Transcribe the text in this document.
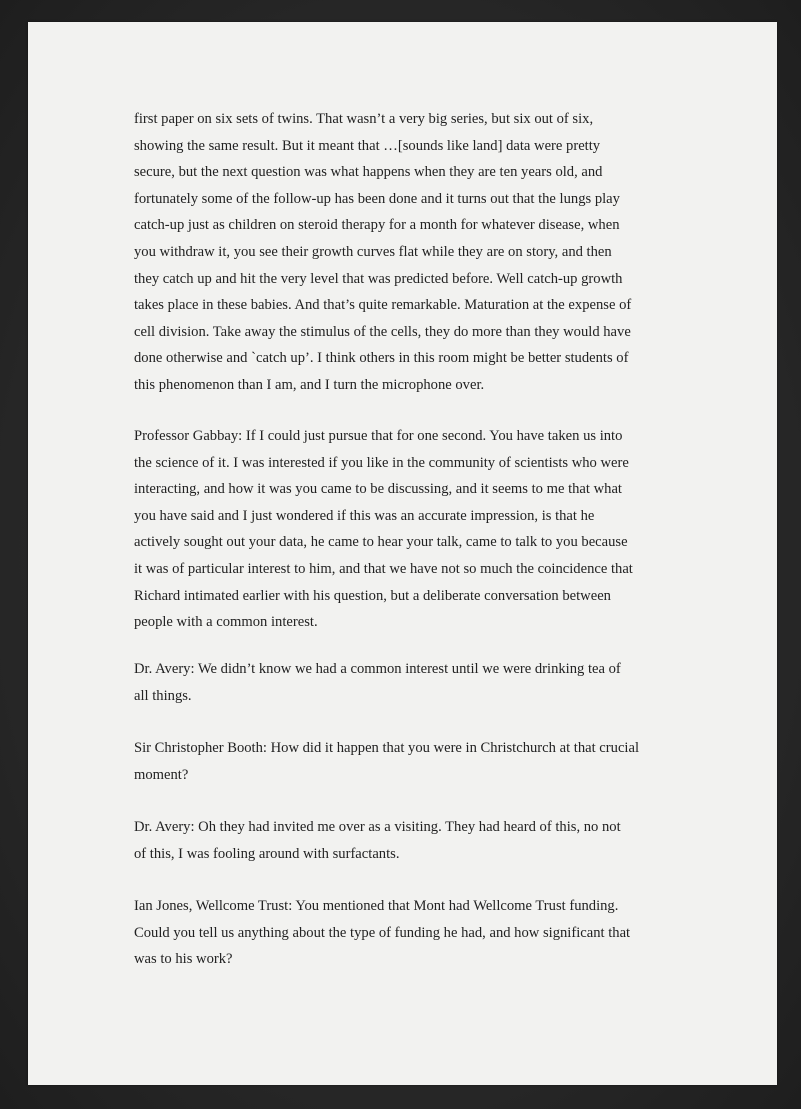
first paper on six sets of twins. That wasn’t a very big series, but six out of six,
showing the same result. But it meant that …[sounds like land] data were pretty
secure, but the next question was what happens when they are ten years old, and
fortunately some of the follow-up has been done and it turns out that the lungs play
catch-up just as children on steroid therapy for a month for whatever disease, when
you withdraw it, you see their growth curves flat while they are on story, and then
they catch up and hit the very level that was predicted before. Well catch-up growth
takes place in these babies. And that’s quite remarkable. Maturation at the expense of
cell division. Take away the stimulus of the cells, they do more than they would have
done otherwise and `catch up’. I think others in this room might be better students of
this phenomenon than I am, and I turn the microphone over.
Professor Gabbay: If I could just pursue that for one second. You have taken us into
the science of it. I was interested if you like in the community of scientists who were
interacting, and how it was you came to be discussing, and it seems to me that what
you have said and I just wondered if this was an accurate impression, is that he
actively sought out your data, he came to hear your talk, came to talk to you because
it was of particular interest to him, and that we have not so much the coincidence that
Richard intimated earlier with his question, but a deliberate conversation between
people with a common interest.
Dr. Avery: We didn’t know we had a common interest until we were drinking tea of
all things.
Sir Christopher Booth: How did it happen that you were in Christchurch at that crucial
moment?
Dr. Avery: Oh they had invited me over as a visiting. They had heard of this, no not
of this, I was fooling around with surfactants.
Ian Jones, Wellcome Trust: You mentioned that Mont had Wellcome Trust funding.
Could you tell us anything about the type of funding he had, and how significant that
was to his work?
